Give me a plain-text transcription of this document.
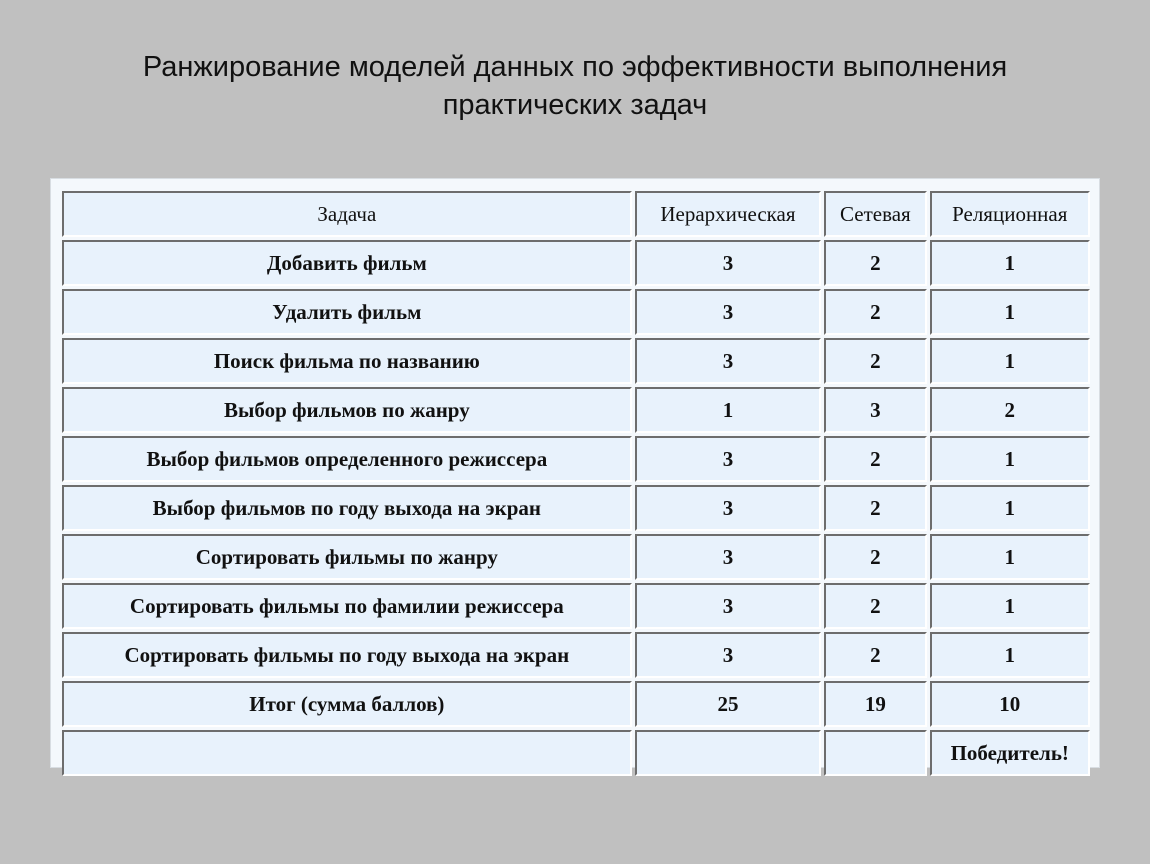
Ранжирование моделей данных по эффективности выполнения
практических задач
Задача	Иерархическая	Сетевая	Реляционная
Добавить фильм	3	2	1
Удалить фильм	3	2	1
Поиск фильма по названию	3	2	1
Выбор фильмов по жанру	1	3	2
Выбор фильмов определенного режиссера	3	2	1
Выбор фильмов по году выхода на экран	3	2	1
Сортировать фильмы по жанру	3	2	1
Сортировать фильмы по фамилии режиссера	3	2	1
Сортировать фильмы по году выхода на экран	3	2	1
Итог (сумма баллов)	25	19	10
			Победитель!
